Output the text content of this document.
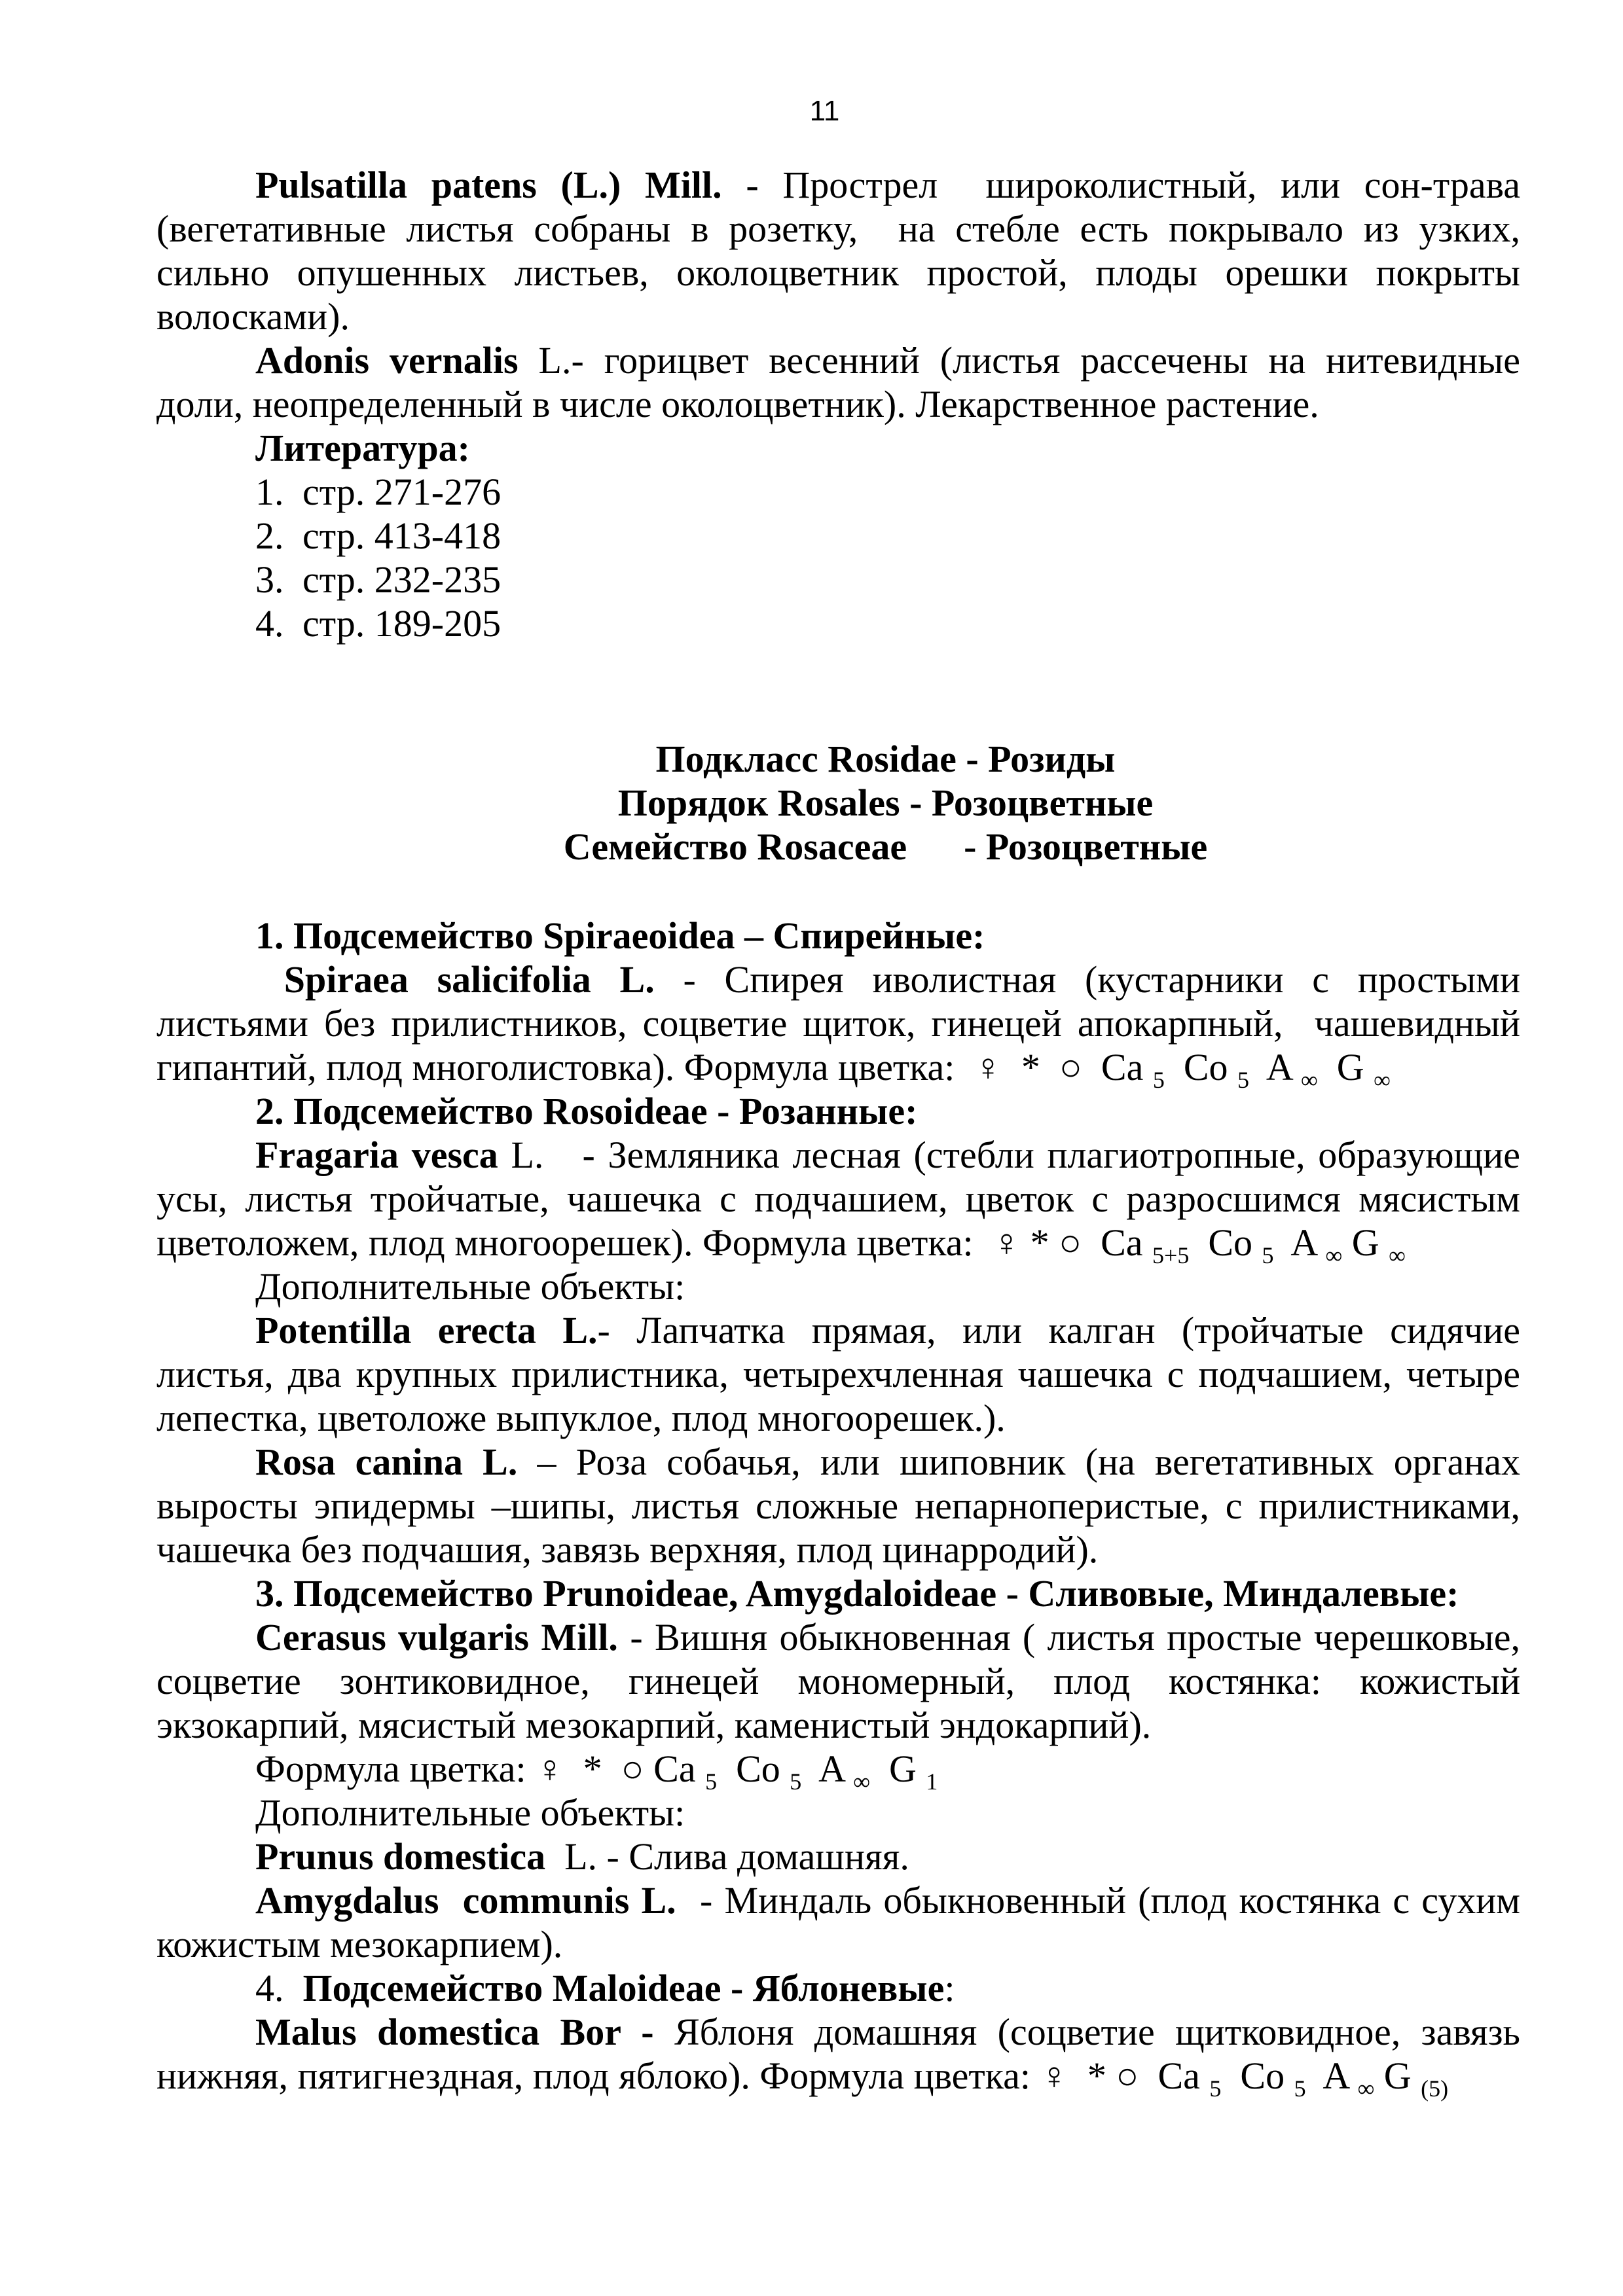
11
Pulsatilla patens (L.) Mill. - Прострел  широколистный, или сон-трава
(вегетативные листья собраны в розетку,  на стебле есть покрывало из узких,
сильно опушенных листьев, околоцветник простой, плоды орешки покрыты
волосками).
Adonis vernalis L.- горицвет весенний (листья рассечены на нитевидные
доли, неопределенный в числе околоцветник). Лекарственное растение.
Литература:
1. стр. 271-276
2. стр. 413-418
3. стр. 232-235
4. стр. 189-205
Подкласс Rosidae - Розиды
Порядок Rosales - Розоцветные
Семейство Rosaceae      - Розоцветные
1. Подсемейство Spiraeoidea – Спирейные:
Spiraea salicifolia L. - Спирея иволистная (кустарники с простыми
листьями без прилистников, соцветие щиток, гинецей апокарпный,  чашевидный
гипантий, плод многолистовка). Формула цветка:  ♀  *  ○  Ca $_5$  Co $_5$  A $_\infty$  G $_\infty$
2. Подсемейство Rosoideae - Розанные:
Fragaria vesca L.   - Земляника лесная (стебли плагиотропные, образующие
усы, листья тройчатые, чашечка с подчашием, цветок с разросшимся мясистым
цветоложем, плод многоорешек). Формула цветка:  ♀ * ○  Ca $_{5+5}$  Co $_5$  A $_\infty$ G $_\infty$
Дополнительные объекты:
Potentilla erecta L.- Лапчатка прямая, или калган (тройчатые сидячие
листья, два крупных прилистника, четырехчленная чашечка с подчашием, четыре
лепестка, цветоложе выпуклое, плод многоорешек.).
Rosa canina L. – Роза собачья, или шиповник (на вегетативных органах
выросты эпидермы –шипы, листья сложные непарноперистые, с прилистниками,
чашечка без подчашия, завязь верхняя, плод цинарродий).
3. Подсемейство Prunoideae, Amygdaloideae - Сливовые, Миндалевые:
Cerasus vulgaris Mill. - Вишня обыкновенная ( листья простые черешковые,
соцветие зонтиковидное, гинецей мономерный, плод костянка: кожистый
экзокарпий, мясистый мезокарпий, каменистый эндокарпий).
Формула цветка: ♀  *  ○ Ca $_5$  Co $_5$  A $_\infty$  G $_1$
Дополнительные объекты:
Prunus domestica  L. - Слива домашняя.
Amygdalus  communis L.  - Миндаль обыкновенный (плод костянка с сухим
кожистым мезокарпием).
4.  Подсемейство Maloideae - Яблоневые:
Malus domestica Bor - Яблоня домашняя (соцветие щитковидное, завязь
нижняя, пятигнездная, плод яблоко). Формула цветка: ♀  * ○  Ca $_5$  Co $_5$  A $_\infty$ G $_{(5)}$
